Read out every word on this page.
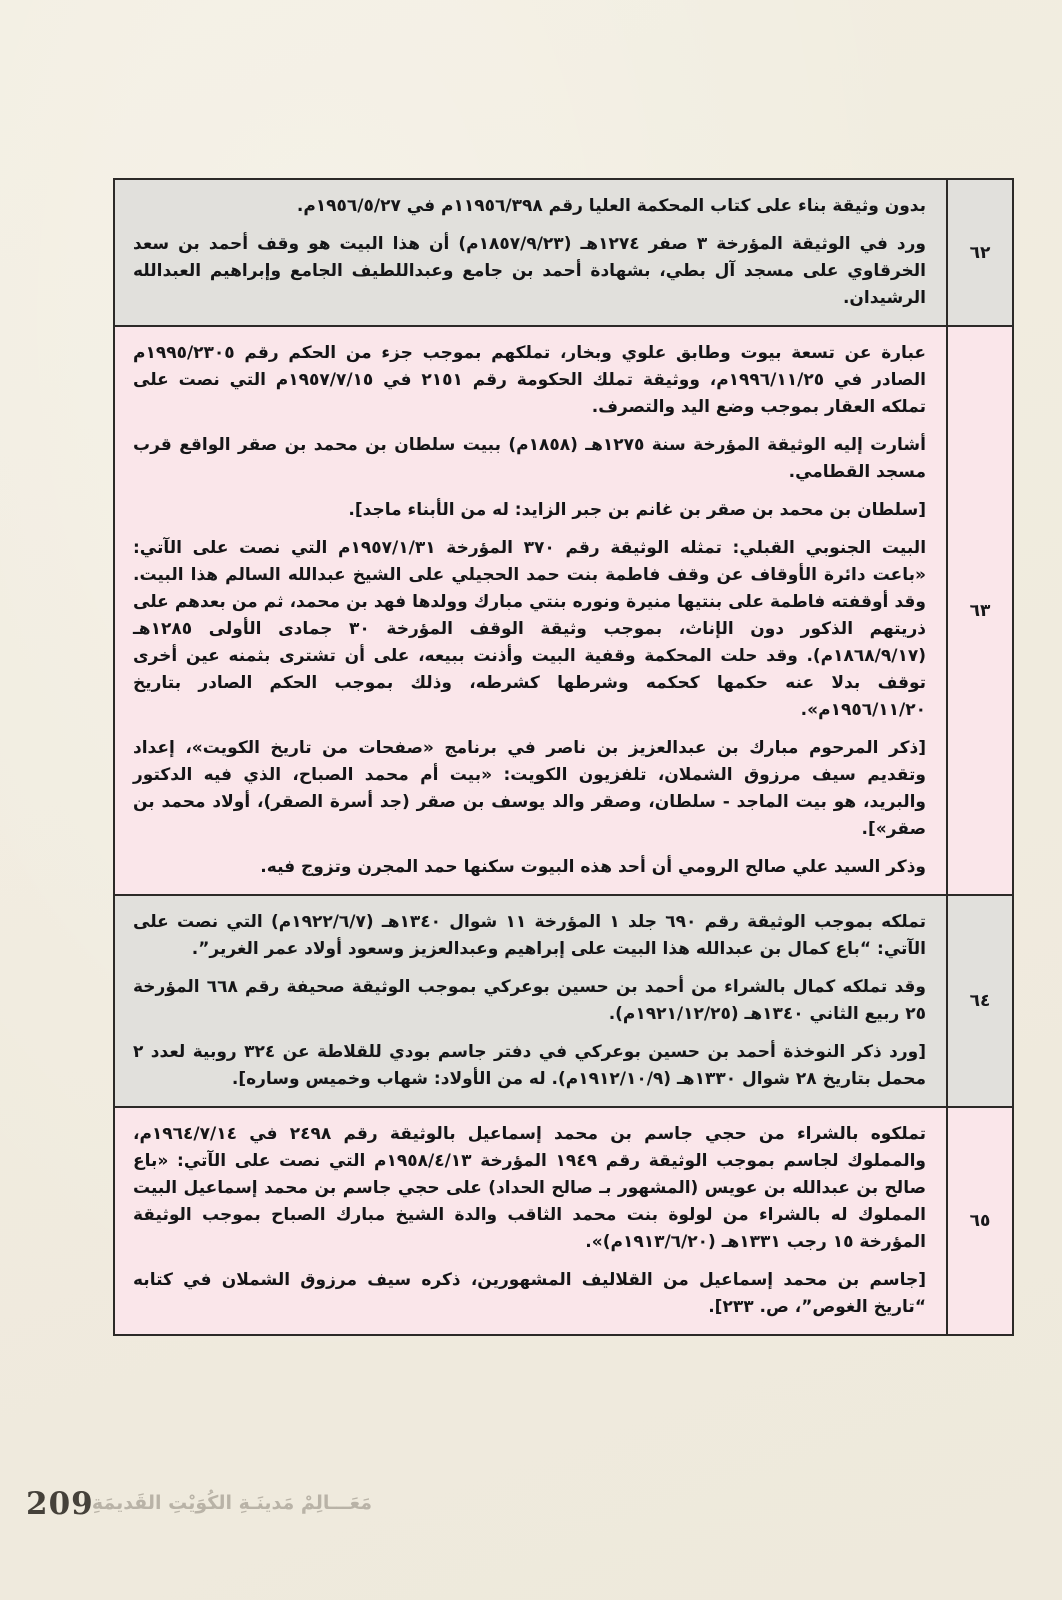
٦٢

بدون وثيقة بناء على كتاب المحكمة العليا رقم ١١٩٥٦/٣٩٨م في ١٩٥٦/٥/٢٧م.

ورد في الوثيقة المؤرخة ٣ صفر ١٢٧٤هـ (١٨٥٧/٩/٢٣م) أن هذا البيت هو وقف أحمد بن سعد الخرقاوي على مسجد آل بطي، بشهادة أحمد بن جامع وعبداللطيف الجامع وإبراهيم العبدالله الرشيدان.

٦٣

عبارة عن تسعة بيوت وطابق علوي وبخار، تملكهم بموجب جزء من الحكم رقم ١٩٩٥/٢٣٠٥م الصادر في ١٩٩٦/١١/٢٥م، ووثيقة تملك الحكومة رقم ٢١٥١ في ١٩٥٧/٧/١٥م التي نصت على تملكه العقار بموجب وضع اليد والتصرف.

أشارت إليه الوثيقة المؤرخة سنة ١٢٧٥هـ (١٨٥٨م) ببيت سلطان بن محمد بن صقر الواقع قرب مسجد القطامي.

[سلطان بن محمد بن صقر بن غانم بن جبر الزايد: له من الأبناء ماجد].

البيت الجنوبي القبلي: تمثله الوثيقة رقم ٣٧٠ المؤرخة ١٩٥٧/١/٣١م التي نصت على الآتي: «باعت دائرة الأوقاف عن وقف فاطمة بنت حمد الحجيلي على الشيخ عبدالله السالم هذا البيت. وقد أوقفته فاطمة على بنتيها منيرة ونوره بنتي مبارك وولدها فهد بن محمد، ثم من بعدهم على ذريتهم الذكور دون الإناث، بموجب وثيقة الوقف المؤرخة ٣٠ جمادى الأولى ١٢٨٥هـ (١٨٦٨/٩/١٧م). وقد حلت المحكمة وقفية البيت وأذنت ببيعه، على أن تشترى بثمنه عين أخرى توقف بدلا عنه حكمها كحكمه وشرطها كشرطه، وذلك بموجب الحكم الصادر بتاريخ ١٩٥٦/١١/٢٠م».

[ذكر المرحوم مبارك بن عبدالعزيز بن ناصر في برنامج «صفحات من تاريخ الكويت»، إعداد وتقديم سيف مرزوق الشملان، تلفزيون الكويت: «بيت أم محمد الصباح، الذي فيه الدكتور والبريد، هو بيت الماجد - سلطان، وصقر والد يوسف بن صقر (جد أسرة الصقر)، أولاد محمد بن صقر»].

وذكر السيد علي صالح الرومي أن أحد هذه البيوت سكنها حمد المجرن وتزوج فيه.

٦٤

تملكه بموجب الوثيقة رقم ٦٩٠ جلد ١ المؤرخة ١١ شوال ١٣٤٠هـ (١٩٢٢/٦/٧م) التي نصت على الآتي: “باع كمال بن عبدالله هذا البيت على إبراهيم وعبدالعزيز وسعود أولاد عمر الغرير”.

وقد تملكه كمال بالشراء من أحمد بن حسين بوعركي بموجب الوثيقة صحيفة رقم ٦٦٨ المؤرخة ٢٥ ربيع الثاني ١٣٤٠هـ (١٩٢١/١٢/٢٥م).

[ورد ذكر النوخذة أحمد بن حسين بوعركي في دفتر جاسم بودي للقلاطة عن ٣٢٤ روبية لعدد ٢ محمل بتاريخ ٢٨ شوال ١٣٣٠هـ (١٩١٢/١٠/٩م). له من الأولاد: شهاب وخميس وساره].

٦٥

تملكوه بالشراء من حجي جاسم بن محمد إسماعيل بالوثيقة رقم ٢٤٩٨ في ١٩٦٤/٧/١٤م، والمملوك لجاسم بموجب الوثيقة رقم ١٩٤٩ المؤرخة ١٩٥٨/٤/١٣م التي نصت على الآتي: «باع صالح بن عبدالله بن عويس (المشهور بـ صالح الحداد) على حجي جاسم بن محمد إسماعيل البيت المملوك له بالشراء من لولوة بنت محمد الثاقب والدة الشيخ مبارك الصباح بموجب الوثيقة المؤرخة ١٥ رجب ١٣٣١هـ (١٩١٣/٦/٢٠م)».

[جاسم بن محمد إسماعيل من القلاليف المشهورين، ذكره سيف مرزوق الشملان في كتابه “تاريخ الغوص”، ص. ٢٣٣].

209
مَعَـــالِمْ مَدينَـةِ الكُوَيْتِ القَديمَةِ
